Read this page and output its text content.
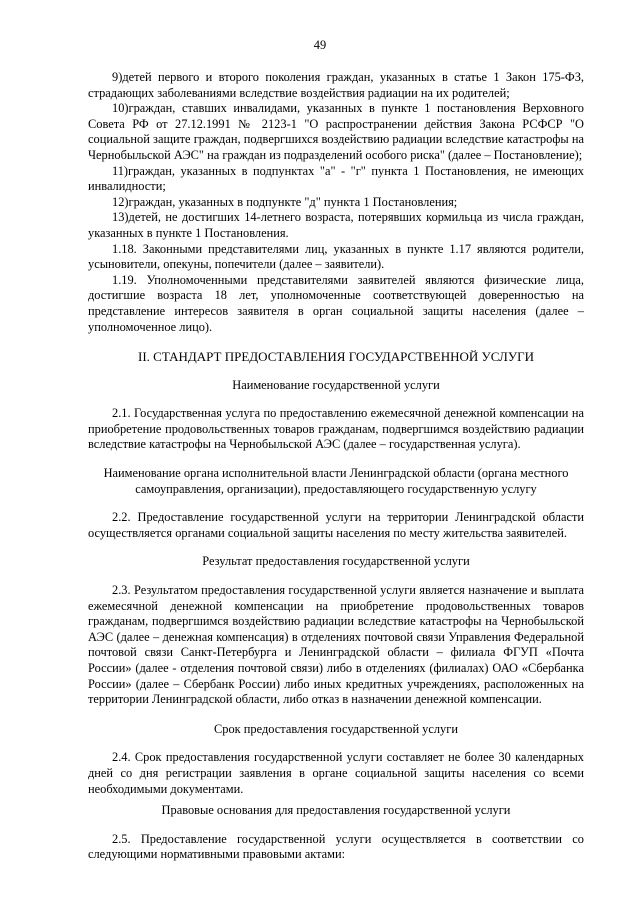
49

9)детей первого и второго поколения граждан, указанных в статье 1 Закон 175-ФЗ, страдающих заболеваниями вследствие воздействия радиации на их родителей;

10)граждан, ставших инвалидами, указанных в пункте 1 постановления Верховного Совета РФ от 27.12.1991 № 2123-1 "О распространении действия Закона РСФСР "О социальной защите граждан, подвергшихся воздействию радиации вследствие катастрофы на Чернобыльской АЭС" на граждан из подразделений особого риска" (далее – Постановление);

11)граждан, указанных в подпунктах "а" - "г" пункта 1 Постановления, не имеющих инвалидности;

12)граждан, указанных в подпункте "д" пункта 1 Постановления;

13)детей, не достигших 14-летнего возраста, потерявших кормильца из числа граждан, указанных в пункте 1 Постановления.

1.18. Законными представителями лиц, указанных в пункте 1.17 являются родители, усыновители, опекуны, попечители (далее – заявители).

1.19. Уполномоченными представителями заявителей являются физические лица, достигшие возраста 18 лет, уполномоченные соответствующей доверенностью на представление интересов заявителя в орган социальной защиты населения (далее – уполномоченное лицо).

II. СТАНДАРТ ПРЕДОСТАВЛЕНИЯ ГОСУДАРСТВЕННОЙ УСЛУГИ

Наименование государственной услуги

2.1. Государственная услуга по предоставлению ежемесячной денежной компенсации на приобретение продовольственных товаров гражданам, подвергшимся воздействию радиации вследствие катастрофы на Чернобыльской АЭС (далее – государственная услуга).

Наименование органа исполнительной власти Ленинградской области (органа местного самоуправления, организации), предоставляющего государственную услугу

2.2. Предоставление государственной услуги на территории Ленинградской области осуществляется органами социальной защиты населения по месту жительства заявителей.

Результат предоставления государственной услуги

2.3. Результатом предоставления государственной услуги является назначение и выплата ежемесячной денежной компенсации на приобретение продовольственных товаров гражданам, подвергшимся воздействию радиации вследствие катастрофы на Чернобыльской АЭС (далее – денежная компенсация) в отделениях почтовой связи Управления Федеральной почтовой связи Санкт-Петербурга и Ленинградской области – филиала ФГУП «Почта России» (далее - отделения почтовой связи) либо в отделениях (филиалах) ОАО «Сбербанка России» (далее – Сбербанк России) либо иных кредитных учреждениях, расположенных на территории Ленинградской области, либо отказ в назначении денежной компенсации.

Срок предоставления государственной услуги

2.4. Срок предоставления государственной услуги составляет не более 30 календарных дней со дня регистрации заявления в органе социальной защиты населения со всеми необходимыми документами.

Правовые основания для предоставления государственной услуги

2.5. Предоставление государственной услуги осуществляется в соответствии со следующими нормативными правовыми актами:
